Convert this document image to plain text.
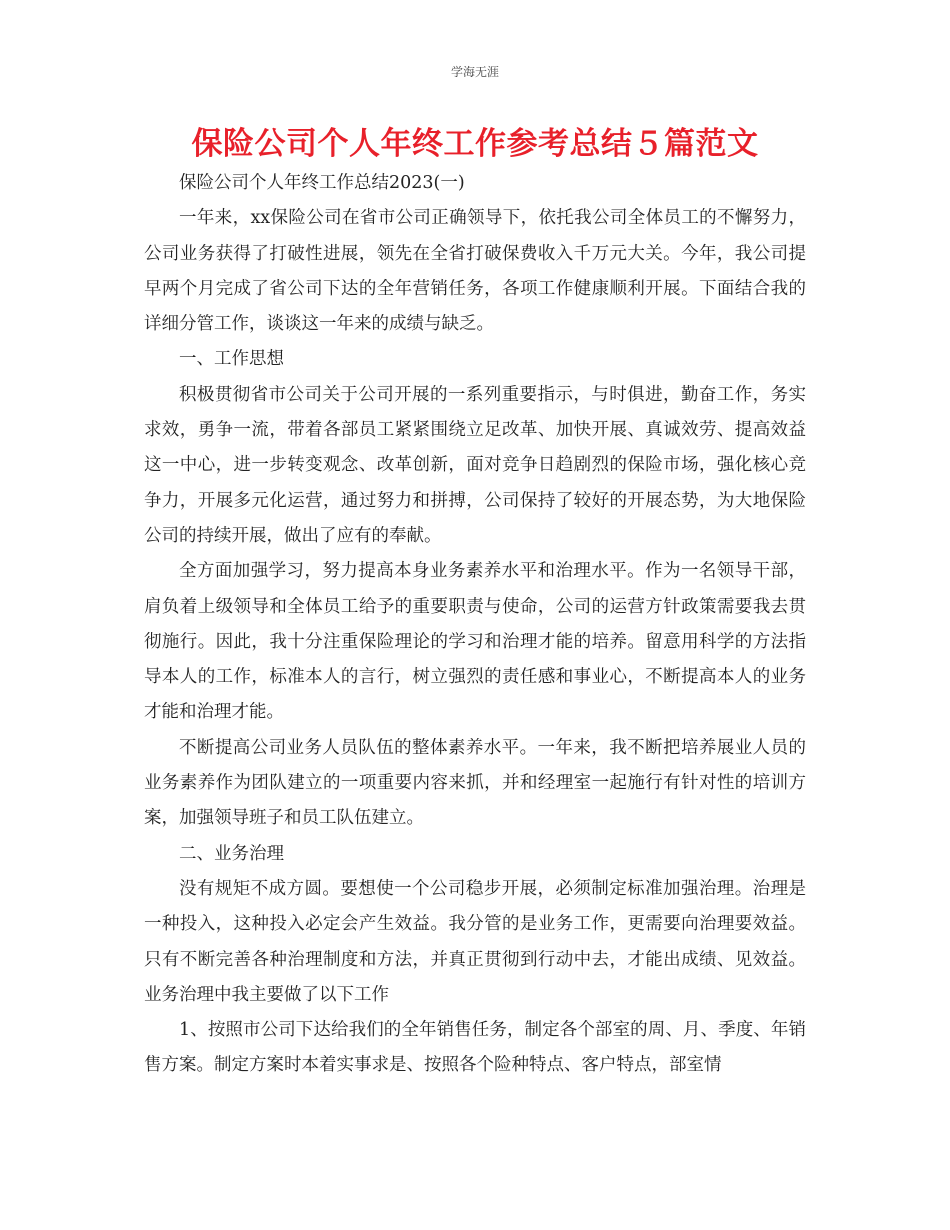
学海无涯
保险公司个人年终工作参考总结５篇范文

保险公司个人年终工作总结2023(一)

一年来，xx保险公司在省市公司正确领导下，依托我公司全体员工的不懈努力，公司业务获得了打破性进展，领先在全省打破保费收入千万元大关。今年，我公司提早两个月完成了省公司下达的全年营销任务，各项工作健康顺利开展。下面结合我的详细分管工作，谈谈这一年来的成绩与缺乏。

一、工作思想

积极贯彻省市公司关于公司开展的一系列重要指示，与时俱进，勤奋工作，务实求效，勇争一流，带着各部员工紧紧围绕立足改革、加快开展、真诚效劳、提高效益这一中心，进一步转变观念、改革创新，面对竞争日趋剧烈的保险市场，强化核心竞争力，开展多元化运营，通过努力和拼搏，公司保持了较好的开展态势，为大地保险公司的持续开展，做出了应有的奉献。

全方面加强学习，努力提高本身业务素养水平和治理水平。作为一名领导干部，肩负着上级领导和全体员工给予的重要职责与使命，公司的运营方针政策需要我去贯彻施行。因此，我十分注重保险理论的学习和治理才能的培养。留意用科学的方法指导本人的工作，标准本人的言行，树立强烈的责任感和事业心，不断提高本人的业务才能和治理才能。

不断提高公司业务人员队伍的整体素养水平。一年来，我不断把培养展业人员的业务素养作为团队建立的一项重要内容来抓，并和经理室一起施行有针对性的培训方案，加强领导班子和员工队伍建立。

二、业务治理

没有规矩不成方圆。要想使一个公司稳步开展，必须制定标准加强治理。治理是一种投入，这种投入必定会产生效益。我分管的是业务工作，更需要向治理要效益。只有不断完善各种治理制度和方法，并真正贯彻到行动中去，才能出成绩、见效益。业务治理中我主要做了以下工作

1、按照市公司下达给我们的全年销售任务，制定各个部室的周、月、季度、年销售方案。制定方案时本着实事求是、按照各个险种特点、客户特点，部室情
